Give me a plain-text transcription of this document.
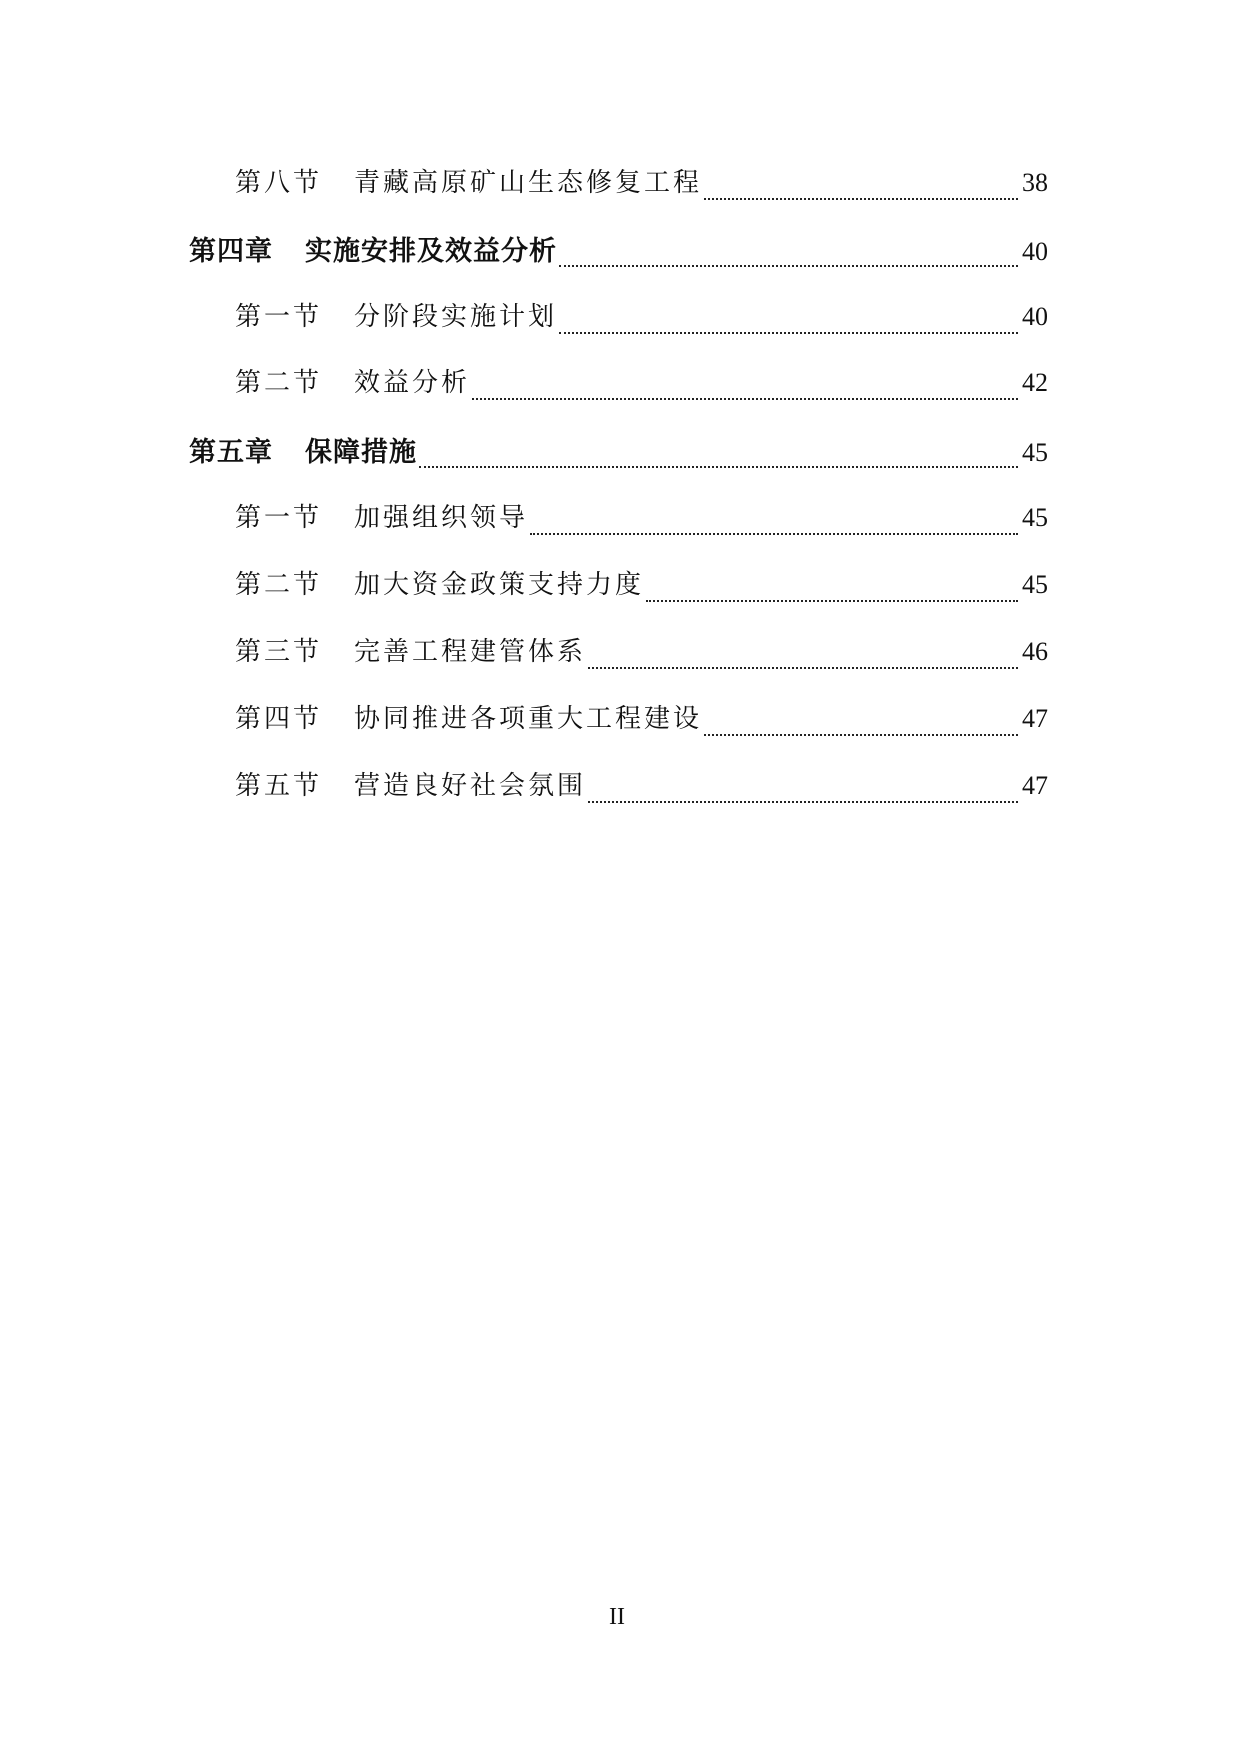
第八节 青藏高原矿山生态修复工程	38
第四章 实施安排及效益分析	40
第一节 分阶段实施计划	40
第二节 效益分析	42
第五章 保障措施	45
第一节 加强组织领导	45
第二节 加大资金政策支持力度	45
第三节 完善工程建管体系	46
第四节 协同推进各项重大工程建设	47
第五节 营造良好社会氛围	47
II
